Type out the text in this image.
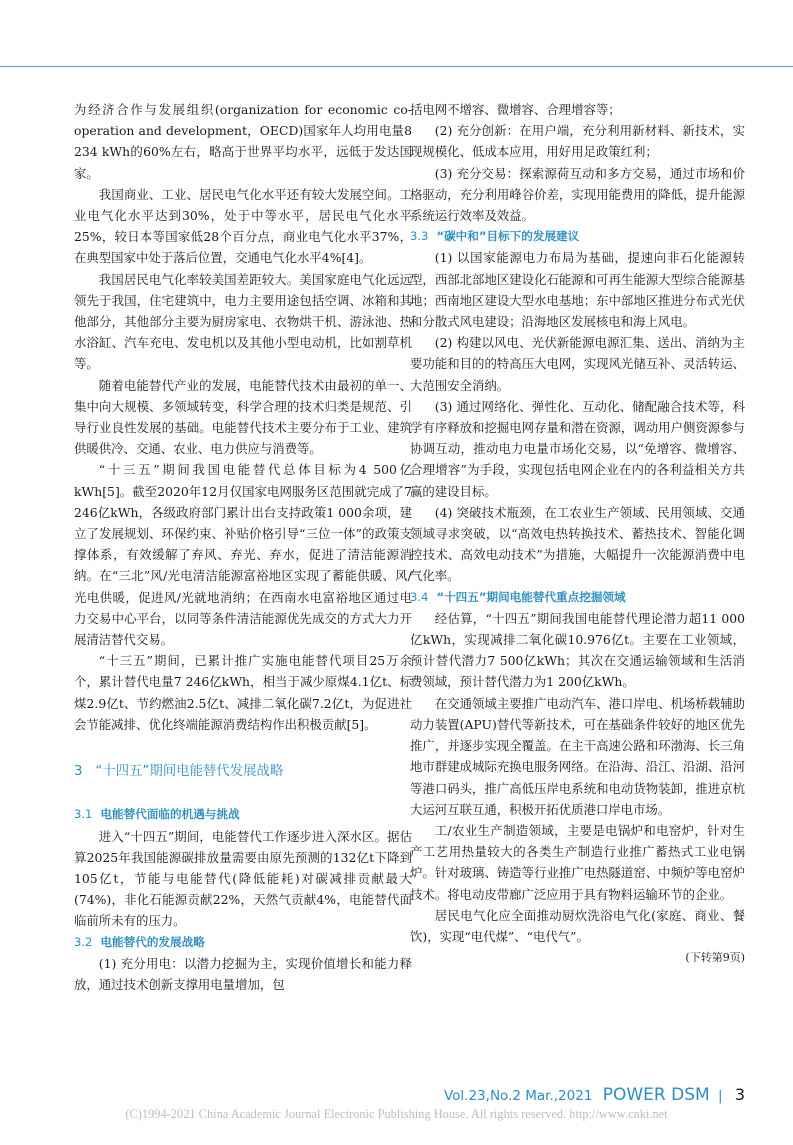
为经济合作与发展组织(organization for economic co-operation and development，OECD)国家年人均用电量8 234 kWh的60%左右，略高于世界平均水平，远低于发达国家。

我国商业、工业、居民电气化水平还有较大发展空间。工业电气化水平达到30%，处于中等水平，居民电气化水平25%，较日本等国家低28个百分点，商业电气化水平37%，在典型国家中处于落后位置，交通电气化水平4%[4]。

我国居民电气化率较美国差距较大。美国家庭电气化远远领先于我国，住宅建筑中，电力主要用途包括空调、冰箱和其他部分，其他部分主要为厨房家电、衣物烘干机、游泳池、热水浴缸、汽车充电、发电机以及其他小型电动机，比如割草机等。

随着电能替代产业的发展，电能替代技术由最初的单一、集中向大规模、多领域转变，科学合理的技术归类是规范、引导行业良性发展的基础。电能替代技术主要分布于工业、建筑供暖供冷、交通、农业、电力供应与消费等。

“十三五”期间我国电能替代总体目标为4 500亿 kWh[5]。截至2020年12月仅国家电网服务区范围就完成了7 246亿kWh，各级政府部门累计出台支持政策1 000余项，建立了发展规划、环保约束、补贴价格引导“三位一体”的政策支撑体系，有效缓解了弃风、弃光、弃水，促进了清洁能源消纳。在“三北”风/光电清洁能源富裕地区实现了蓄能供暖、风/光电供暖，促进风/光就地消纳；在西南水电富裕地区通过电力交易中心平台，以同等条件清洁能源优先成交的方式大力开展清洁替代交易。

“十三五”期间，已累计推广实施电能替代项目25万余个，累计替代电量7 246亿kWh，相当于减少原煤4.1亿t、标煤2.9亿t、节约燃油2.5亿t、减排二氧化碳7.2亿t，为促进社会节能减排、优化终端能源消费结构作出积极贡献[5]。

3 “十四五”期间电能替代发展战略

3.1 电能替代面临的机遇与挑战

进入“十四五”期间，电能替代工作逐步进入深水区。据估算2025年我国能源碳排放量需要由原先预测的132亿t下降到105亿t，节能与电能替代(降低能耗)对碳减排贡献最大(74%)，非化石能源贡献22%，天然气贡献4%，电能替代面临前所未有的压力。

3.2 电能替代的发展战略

(1) 充分用电：以潜力挖掘为主，实现价值增长和能力释放，通过技术创新支撑用电量增加，包

括电网不增容、微增容、合理增容等；

(2) 充分创新：在用户端，充分利用新材料、新技术，实现规模化、低成本应用，用好用足政策红利；

(3) 充分交易：探索源荷互动和多方交易，通过市场和价格驱动，充分利用峰谷价差，实现用能费用的降低，提升能源系统运行效率及效益。

3.3 “碳中和”目标下的发展建议

(1) 以国家能源电力布局为基础，提速向非石化能源转型，西部北部地区建设化石能源和可再生能源大型综合能源基地；西南地区建设大型水电基地；东中部地区推进分布式光伏和分散式风电建设；沿海地区发展核电和海上风电。

(2) 构建以风电、光伏新能源电源汇集、送出、消纳为主要功能和目的的特高压大电网，实现风光储互补、灵活转运、大范围安全消纳。

(3) 通过网络化、弹性化、互动化、储配融合技术等，科学有序释放和挖掘电网存量和潜在资源，调动用户侧资源参与协调互动，推动电力电量市场化交易，以“免增容、微增容、合理增容”为手段，实现包括电网企业在内的各利益相关方共赢的建设目标。

(4) 突破技术瓶颈，在工农业生产领域、民用领域、交通领域寻求突破，以“高效电热转换技术、蓄热技术、智能化调控技术、高效电动技术”为措施，大幅提升一次能源消费中电气化率。

3.4 “十四五”期间电能替代重点挖掘领域

经估算，“十四五”期间我国电能替代理论潜力超11 000亿kWh，实现减排二氧化碳10.976亿t。主要在工业领域，预计替代潜力7 500亿kWh；其次在交通运输领域和生活消费领域，预计替代潜力为1 200亿kWh。

在交通领域主要推广电动汽车、港口岸电、机场桥载辅助动力装置(APU)替代等新技术，可在基础条件较好的地区优先推广，并逐步实现全覆盖。在主干高速公路和环渤海、长三角地市群建成城际充换电服务网络。在沿海、沿江、沿湖、沿河等港口码头，推广高低压岸电系统和电动货物装卸，推进京杭大运河互联互通，积极开拓优质港口岸电市场。

工/农业生产制造领域，主要是电锅炉和电窑炉，针对生产工艺用热量较大的各类生产制造行业推广蓄热式工业电锅炉。针对玻璃、铸造等行业推广电热隧道窑、中频炉等电窑炉技术。将电动皮带廊广泛应用于具有物料运输环节的企业。

居民电气化应全面推动厨炊洗浴电气化(家庭、商业、餐饮)，实现“电代煤”、“电代气”。

(下转第9页)

Vol.23,No.2 Mar.,2021 POWER DSM | 3
(C)1994-2021 China Academic Journal Electronic Publishing House. All rights reserved. http://www.cnki.net
